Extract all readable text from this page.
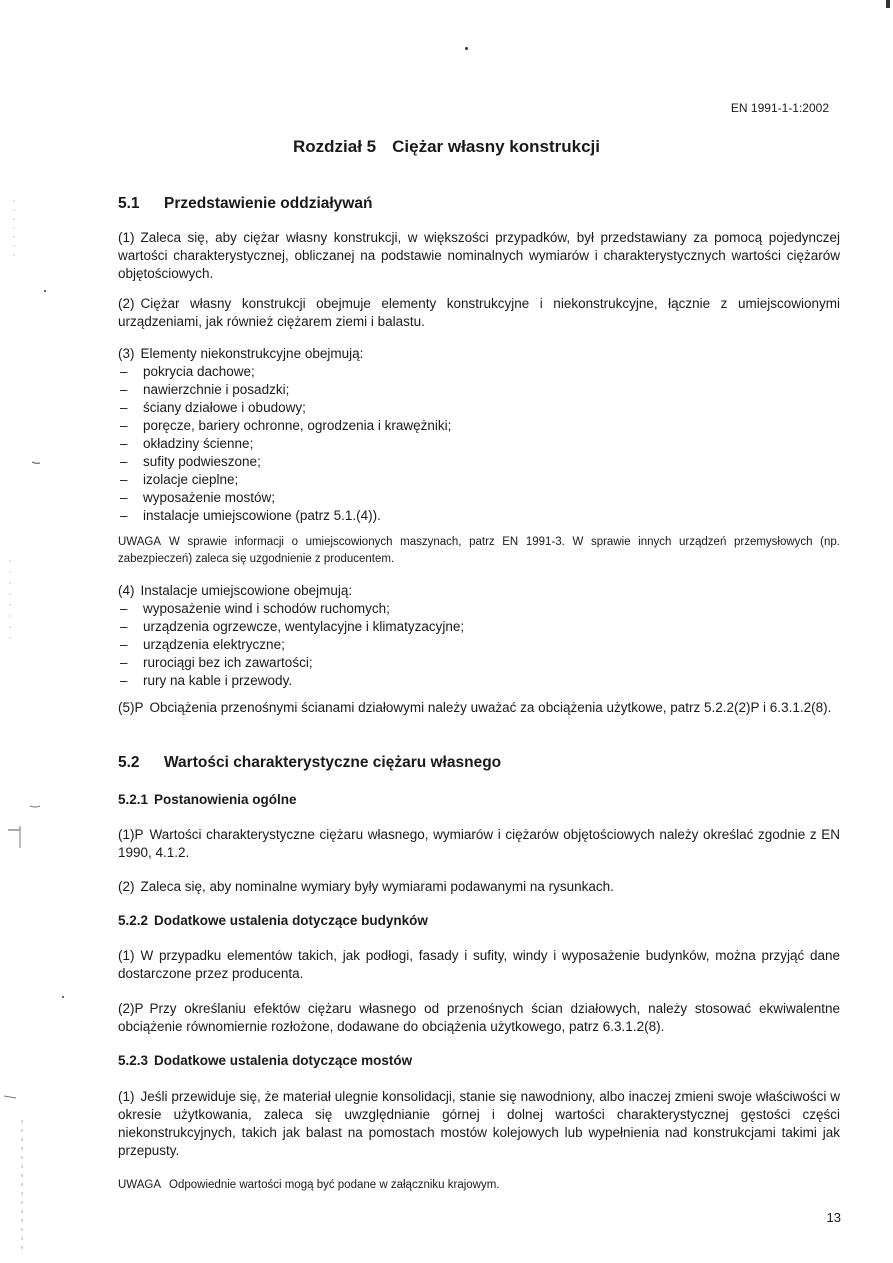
EN 1991-1-1:2002
Rozdział 5 Ciężar własny konstrukcji
5.1 Przedstawienie oddziaływań
(1) Zaleca się, aby ciężar własny konstrukcji, w większości przypadków, był przedstawiany za pomocą pojedynczej wartości charakterystycznej, obliczanej na podstawie nominalnych wymiarów i charakterystycznych wartości ciężarów objętościowych.
(2) Ciężar własny konstrukcji obejmuje elementy konstrukcyjne i niekonstrukcyjne, łącznie z umiejscowionymi urządzeniami, jak również ciężarem ziemi i balastu.
(3) Elementy niekonstrukcyjne obejmują:
– pokrycia dachowe;
– nawierzchnie i posadzki;
– ściany działowe i obudowy;
– poręcze, bariery ochronne, ogrodzenia i krawężniki;
– okładziny ścienne;
– sufity podwieszone;
– izolacje cieplne;
– wyposażenie mostów;
– instalacje umiejscowione (patrz 5.1.(4)).
UWAGA W sprawie informacji o umiejscowionych maszynach, patrz EN 1991-3. W sprawie innych urządzeń przemysłowych (np. zabezpieczeń) zaleca się uzgodnienie z producentem.
(4) Instalacje umiejscowione obejmują:
– wyposażenie wind i schodów ruchomych;
– urządzenia ogrzewcze, wentylacyjne i klimatyzacyjne;
– urządzenia elektryczne;
– rurociągi bez ich zawartości;
– rury na kable i przewody.
(5)P Obciążenia przenośnymi ścianami działowymi należy uważać za obciążenia użytkowe, patrz 5.2.2(2)P i 6.3.1.2(8).
5.2 Wartości charakterystyczne ciężaru własnego
5.2.1 Postanowienia ogólne
(1)P Wartości charakterystyczne ciężaru własnego, wymiarów i ciężarów objętościowych należy określać zgodnie z EN 1990, 4.1.2.
(2) Zaleca się, aby nominalne wymiary były wymiarami podawanymi na rysunkach.
5.2.2 Dodatkowe ustalenia dotyczące budynków
(1) W przypadku elementów takich, jak podłogi, fasady i sufity, windy i wyposażenie budynków, można przyjąć dane dostarczone przez producenta.
(2)P Przy określaniu efektów ciężaru własnego od przenośnych ścian działowych, należy stosować ekwiwalentne obciążenie równomiernie rozłożone, dodawane do obciążenia użytkowego, patrz 6.3.1.2(8).
5.2.3 Dodatkowe ustalenia dotyczące mostów
(1) Jeśli przewiduje się, że materiał ulegnie konsolidacji, stanie się nawodniony, albo inaczej zmieni swoje właściwości w okresie użytkowania, zaleca się uwzględnianie górnej i dolnej wartości charakterystycznej gęstości części niekonstrukcyjnych, takich jak balast na pomostach mostów kolejowych lub wypełnienia nad konstrukcjami takimi jak przepusty.
UWAGA Odpowiednie wartości mogą być podane w załączniku krajowym.
13
